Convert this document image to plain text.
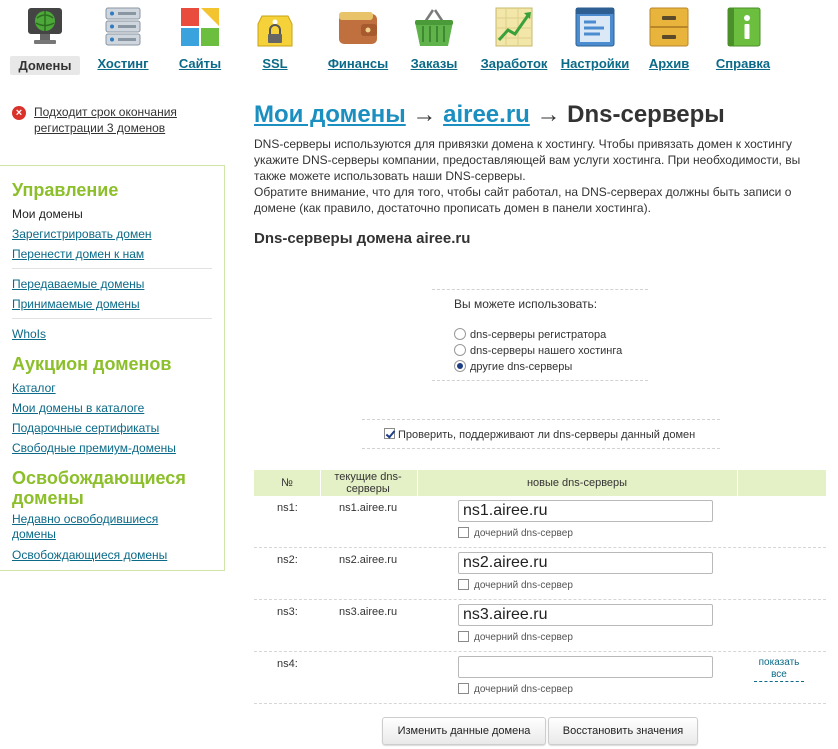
Домены	Хостинг	Сайты	SSL	Финансы	Заказы	Заработок Настройки	Архив	Справка
× Подходит срок окончания регистрации 3 доменов
Управление
Мои домены
Зарегистрировать домен
Перенести домен к нам
Передаваемые домены
Принимаемые домены
WhoIs
Аукцион доменов
Каталог
Мои домены в каталоге
Подарочные сертификаты
Свободные премиум-домены
Освобождающиеся домены
Недавно освободившиеся домены
Освобождающиеся домены
Мои домены → airee.ru → Dns-серверы
DNS-серверы используются для привязки домена к хостингу. Чтобы привязать домен к хостингу укажите DNS-серверы компании, предоставляющей вам услуги хостинга. При необходимости, вы также можете использовать наши DNS-серверы.
Обратите внимание, что для того, чтобы сайт работал, на DNS-серверах должны быть записи о домене (как правило, достаточно прописать домен в панели хостинга).
Dns-серверы домена airee.ru
Вы можете использовать:
dns-серверы регистратора
dns-серверы нашего хостинга
другие dns-серверы
Проверить, поддерживают ли dns-серверы данный домен
№	текущие dns-серверы	новые dns-серверы
ns1:	ns1.airee.ru
ns1.airee.ru
дочерний dns-сервер
ns2:	ns2.airee.ru
ns2.airee.ru
дочерний dns-сервер
ns3:	ns3.airee.ru
ns3.airee.ru
дочерний dns-сервер
ns4:
дочерний dns-сервер
показать все
Изменить данные домена	Восстановить значения
